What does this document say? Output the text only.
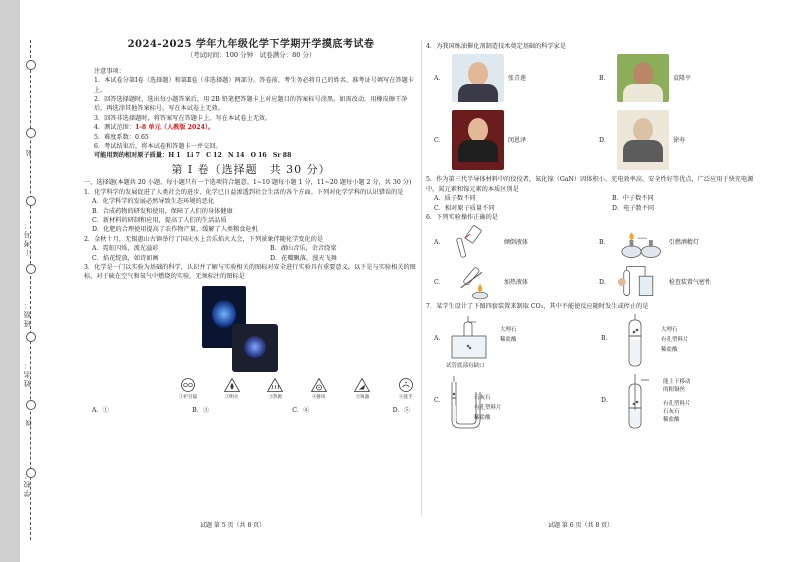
学校：
姓名：
班级：
考号：
装
订
线
2024-2025 学年九年级化学下学期开学摸底考试卷
（考试时间：100 分钟　试卷满分：80 分）
注意事项：
1．本试卷分第Ⅰ卷（选择题）和第Ⅱ卷（非选择题）两部分。答卷前，考生务必将自己的姓名、准考证号填写在答题卡上。
2．回答选择题时，选出每小题答案后，用 2B 铅笔把答题卡上对应题目的答案标号涂黑。如需改动，用橡皮擦干净后，再选涂其他答案标号。写在本试卷上无效。
3．回答非选择题时，将答案写在答题卡上。写在本试卷上无效。
4．测试范围：1-8 单元（人教版 2024）。
5．难度系数：0.65
6．考试结束后，将本试卷和答题卡一并交回。
可能用到的相对原子质量：H 1　Li 7　C 12　N 14　O 16　Sr 88
第 I 卷（选择题　共 30 分）
一、选择题(本题共 20 小题，每小题只有一个选项符合题意。1~10 题每小题 1 分，11~20 题每小题 2 分，共 30 分)
1．化学科学的发展促进了人类社会的进步，化学已日益渗透到社会生活的各个方面。下列对化学学科的认识错误的是
A．化学科学的发展必然导致生态环境的恶化
B．合成药物的研发和使用，保障了人们的身体健康
C．新材料的研制和应用，提高了人们的生活品质
D．化肥的合理使用提高了农作物产量，缓解了人类粮食危机
2．金秋十月，无锡惠山古镇举行了国庆水上音乐焰火大会，下列景象伴随化学变化的是
A．霓虹闪烁，流光溢彩	B．湖山音乐，余音绕梁
C．焰花绽放，如诗如画	D．花瓣飘落，漫天飞舞
3．化学是一门以实验为基础的科学，认识并了解与实验相关的图标对安全进行实验具有重要意义。以下是与实验相关的图标，对于硫在空气和氧气中燃烧的实验，无须标注的图标是
①护目镜	②明火	③热源	④排风	⑤锐器	⑥洗手
A．①	B．③	C．④	D．⑤
试题 第 5 页（共 8 页）
4．为我国炼油催化剂制造技术奠定基础的科学家是
A．	张青莲	B．	袁隆平
C．	闵恩泽	D．	徐寿
5．作为第三代半导体材料中的佼佼者，氮化镓（GaN）因体积小、充电效率高、安全性好等优点，广泛应用于快充电源中。氮元素和镓元素的本质区别是
A．质子数不同	B．中子数不同
C．相对原子质量不同	D．电子数不同
6．下列实验操作正确的是
A．	倾倒液体	B．	引燃酒精灯
C．	加热液体	D．	检查装置气密性
7．某学生设计了下图四套装置来制取 CO₂，其中不能使反应随时发生或停止的是
A．
大理石
稀盐酸
试管底部有缺口
B．
大理石
有孔塑料片
稀盐酸
C．	石灰石
有孔塑料片
稀盐酸
D．
能上下移动
的粗铜丝
有孔塑料片
石灰石
稀盐酸
试题 第 6 页（共 8 页）
